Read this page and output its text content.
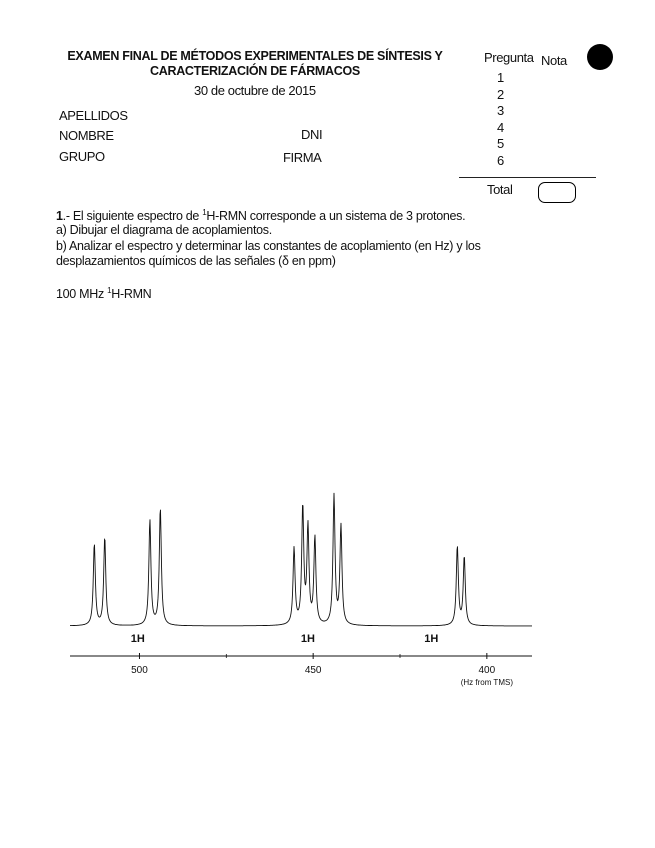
EXAMEN FINAL DE MÉTODOS EXPERIMENTALES DE SÍNTESIS Y
CARACTERIZACIÓN DE FÁRMACOS
30 de octubre de 2015
APELLIDOS
NOMBRE	DNI
GRUPO	FIRMA
Pregunta Nota
1
2
3
4
5
6
Total
1.- El siguiente espectro de $^1$H-RMN corresponde a un sistema de 3 protones.
a) Dibujar el diagrama de acoplamientos.
b) Analizar el espectro y determinar las constantes de acoplamiento (en Hz) y los
desplazamientos químicos de las señales (δ en ppm)
100 MHz $^1$H-RMN
1H	1H	1H
500	450	400
(Hz from TMS)
